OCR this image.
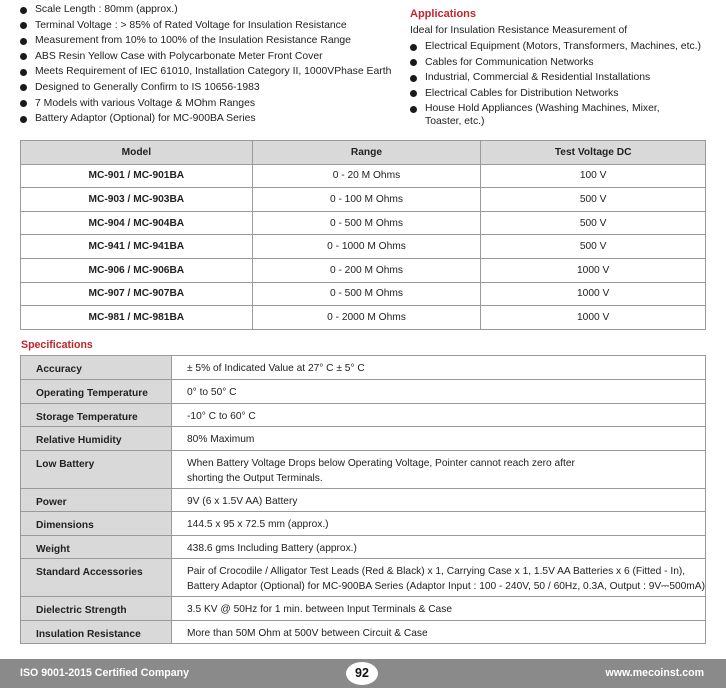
Scale Length : 80mm (approx.)
Terminal Voltage : > 85% of Rated Voltage for Insulation Resistance
Measurement from 10% to 100% of the Insulation Resistance Range
ABS Resin Yellow Case with Polycarbonate Meter Front Cover
Meets Requirement of IEC 61010, Installation Category II, 1000VPhase Earth
Designed to Generally Confirm to IS 10656-1983
7 Models with various Voltage & MOhm Ranges
Battery Adaptor (Optional) for MC-900BA Series
Applications
Ideal for Insulation Resistance Measurement of
Electrical Equipment (Motors, Transformers, Machines, etc.)
Cables for Communication Networks
Industrial, Commercial & Residential Installations
Electrical Cables for Distribution Networks
House Hold Appliances (Washing Machines, Mixer,
Toaster, etc.)
Model	Range	Test Voltage DC
MC-901 / MC-901BA	0 - 20 M Ohms	100 V
MC-903 / MC-903BA	0 - 100 M Ohms	500 V
MC-904 / MC-904BA	0 - 500 M Ohms	500 V
MC-941 / MC-941BA	0 - 1000 M Ohms	500 V
MC-906 / MC-906BA	0 - 200 M Ohms	1000 V
MC-907 / MC-907BA	0 - 500 M Ohms	1000 V
MC-981 / MC-981BA	0 - 2000 M Ohms	1000 V
Specifications
Accuracy	± 5% of Indicated Value at 27° C ± 5° C
Operating Temperature	0° to 50° C
Storage Temperature	-10° C to 60° C
Relative Humidity	80% Maximum
Low Battery	When Battery Voltage Drops below Operating Voltage, Pointer cannot reach zero after
shorting the Output Terminals.

Power	9V (6 x 1.5V AA) Battery
Dimensions	144.5 x 95 x 72.5 mm (approx.)
Weight	438.6 gms Including Battery (approx.)
Standard Accessories	Pair of Crocodile / Alligator Test Leads (Red & Black) x 1, Carrying Case x 1, 1.5V AA Batteries x 6 (Fitted - In),
Battery Adaptor (Optional) for MC-900BA Series (Adaptor Input : 100 - 240V, 50 / 60Hz, 0.3A, Output : 9V⎓500mA)

Dielectric Strength	3.5 KV @ 50Hz for 1 min. between Input Terminals & Case
Insulation Resistance	More than 50M Ohm at 500V between Circuit & Case
ISO 9001-2015 Certified Company	www.mecoinst.com
92
